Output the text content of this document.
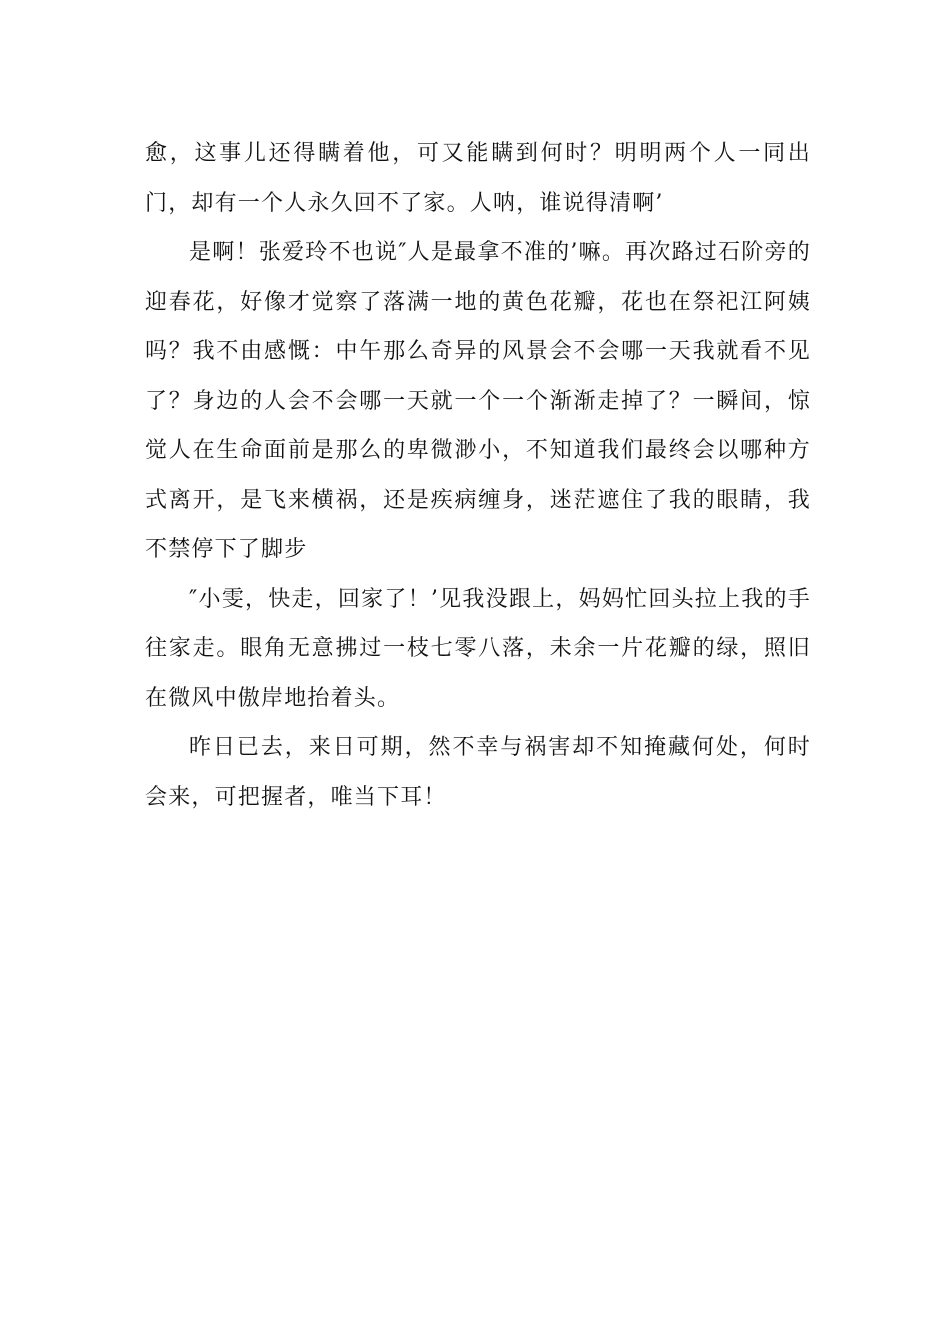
愈，这事儿还得瞒着他，可又能瞒到何时？明明两个人一同出门，却有一个人永久回不了家。人呐，谁说得清啊’

是啊！张爱玲不也说″人是最拿不准的’嘛。再次路过石阶旁的迎春花，好像才觉察了落满一地的黄色花瓣，花也在祭祀江阿姨吗？我不由感慨：中午那么奇异的风景会不会哪一天我就看不见了？身边的人会不会哪一天就一个一个渐渐走掉了？一瞬间，惊觉人在生命面前是那么的卑微渺小，不知道我们最终会以哪种方式离开，是飞来横祸，还是疾病缠身，迷茫遮住了我的眼睛，我不禁停下了脚步

″小雯，快走，回家了！’见我没跟上，妈妈忙回头拉上我的手往家走。眼角无意拂过一枝七零八落，未余一片花瓣的绿，照旧在微风中傲岸地抬着头。

昨日已去，来日可期，然不幸与祸害却不知掩藏何处，何时会来，可把握者，唯当下耳！
